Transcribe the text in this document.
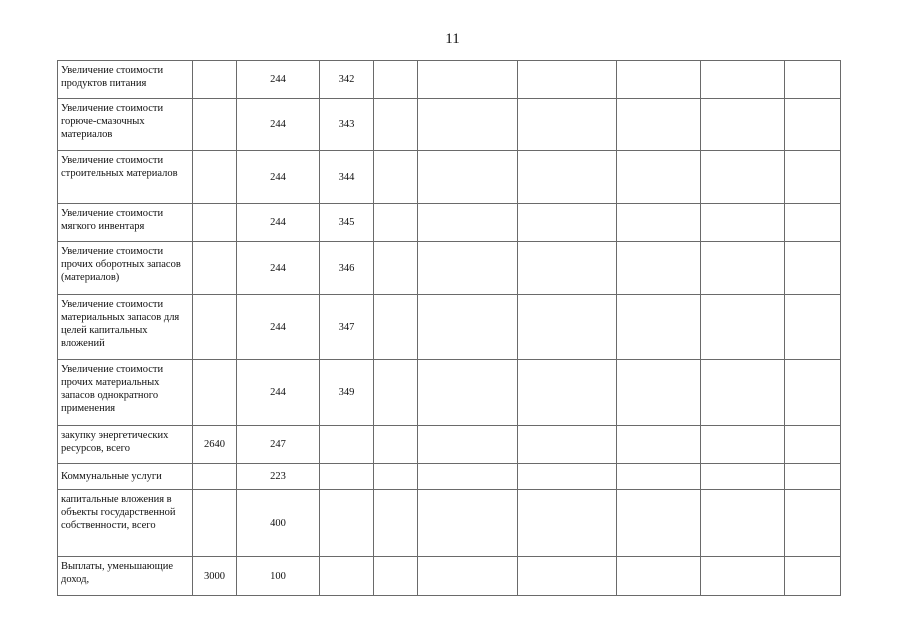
11
Увеличение стоимости продуктов питания		244	342						
Увеличение стоимости горюче-смазочных материалов		244	343						
Увеличение стоимости строительных материалов		244	344						
Увеличение стоимости мягкого инвентаря		244	345						
Увеличение стоимости прочих оборотных запасов (материалов)		244	346						
Увеличение стоимости материальных запасов для целей капитальных вложений		244	347						
Увеличение стоимости прочих материальных запасов однократного применения		244	349						
закупку энергетических ресурсов, всего	2640	247							
Коммунальные услуги		223							
капитальные вложения в объекты государственной собственности, всего		400							
Выплаты, уменьшающие доход,	3000	100							
